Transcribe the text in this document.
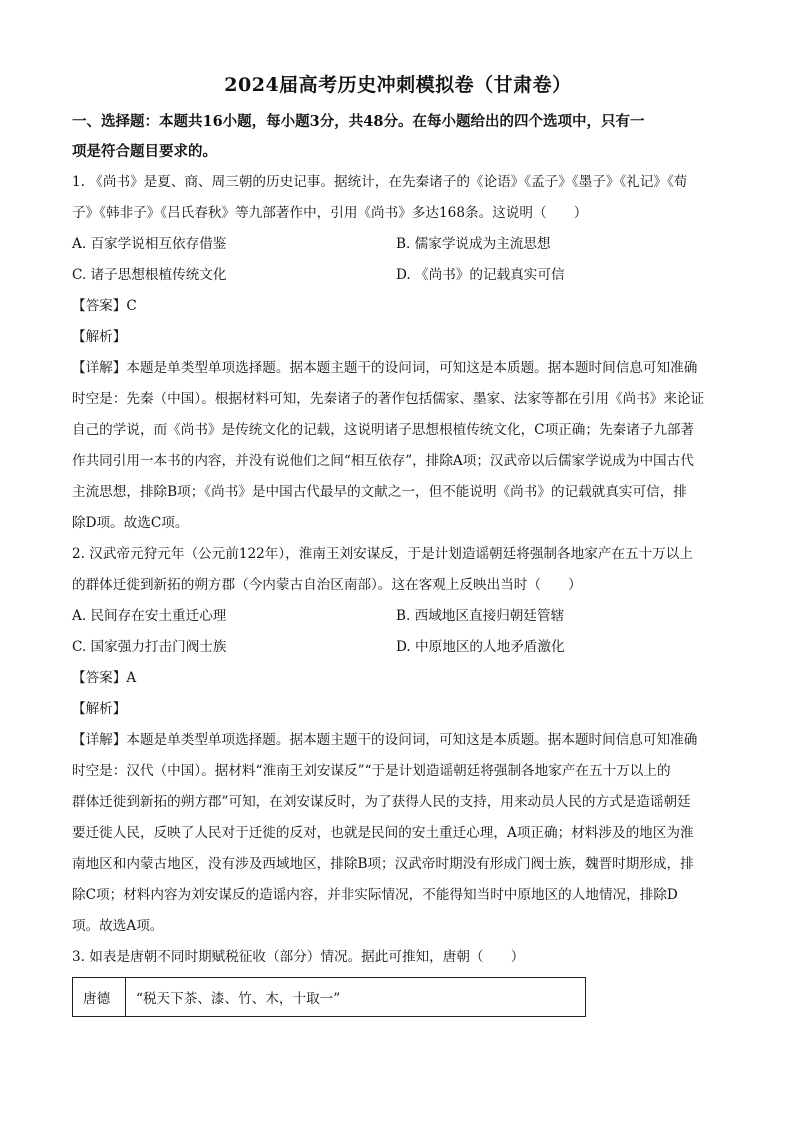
2024届高考历史冲刺模拟卷（甘肃卷）

一、选择题：本题共16小题，每小题3分，共48分。在每小题给出的四个选项中，只有一

项是符合题目要求的。

1. 《尚书》是夏、商、周三朝的历史记事。据统计，在先秦诸子的《论语》《孟子》《墨子》《礼记》《荀

子》《韩非子》《吕氏春秋》等九部著作中，引用《尚书》多达168条。这说明（　　）

A. 百家学说相互依存借鉴	B. 儒家学说成为主流思想
C. 诸子思想根植传统文化	D. 《尚书》的记载真实可信

【答案】C

【解析】

【详解】本题是单类型单项选择题。据本题主题干的设问词，可知这是本质题。据本题时间信息可知准确

时空是：先秦（中国）。根据材料可知，先秦诸子的著作包括儒家、墨家、法家等都在引用《尚书》来论证

自己的学说，而《尚书》是传统文化的记载，这说明诸子思想根植传统文化，C项正确；先秦诸子九部著

作共同引用一本书的内容，并没有说他们之间“相互依存”，排除A项；汉武帝以后儒家学说成为中国古代

主流思想，排除B项；《尚书》是中国古代最早的文献之一，但不能说明《尚书》的记载就真实可信，排

除D项。故选C项。

2. 汉武帝元狩元年（公元前122年），淮南王刘安谋反，于是计划造谣朝廷将强制各地家产在五十万以上

的群体迁徙到新拓的朔方郡（今内蒙古自治区南部）。这在客观上反映出当时（　　）

A. 民间存在安土重迁心理	B. 西域地区直接归朝廷管辖
C. 国家强力打击门阀士族	D. 中原地区的人地矛盾激化

【答案】A

【解析】

【详解】本题是单类型单项选择题。据本题主题干的设问词，可知这是本质题。据本题时间信息可知准确

时空是：汉代（中国）。据材料“淮南王刘安谋反”“于是计划造谣朝廷将强制各地家产在五十万以上的

群体迁徙到新拓的朔方郡”可知，在刘安谋反时，为了获得人民的支持，用来动员人民的方式是造谣朝廷

要迁徙人民，反映了人民对于迁徙的反对，也就是民间的安土重迁心理，A项正确；材料涉及的地区为淮

南地区和内蒙古地区，没有涉及西域地区，排除B项；汉武帝时期没有形成门阀士族，魏晋时期形成，排

除C项；材料内容为刘安谋反的造谣内容，并非实际情况，不能得知当时中原地区的人地情况，排除D

项。故选A项。

3. 如表是唐朝不同时期赋税征收（部分）情况。据此可推知，唐朝（　　）

唐德	“税天下茶、漆、竹、木，十取一”
